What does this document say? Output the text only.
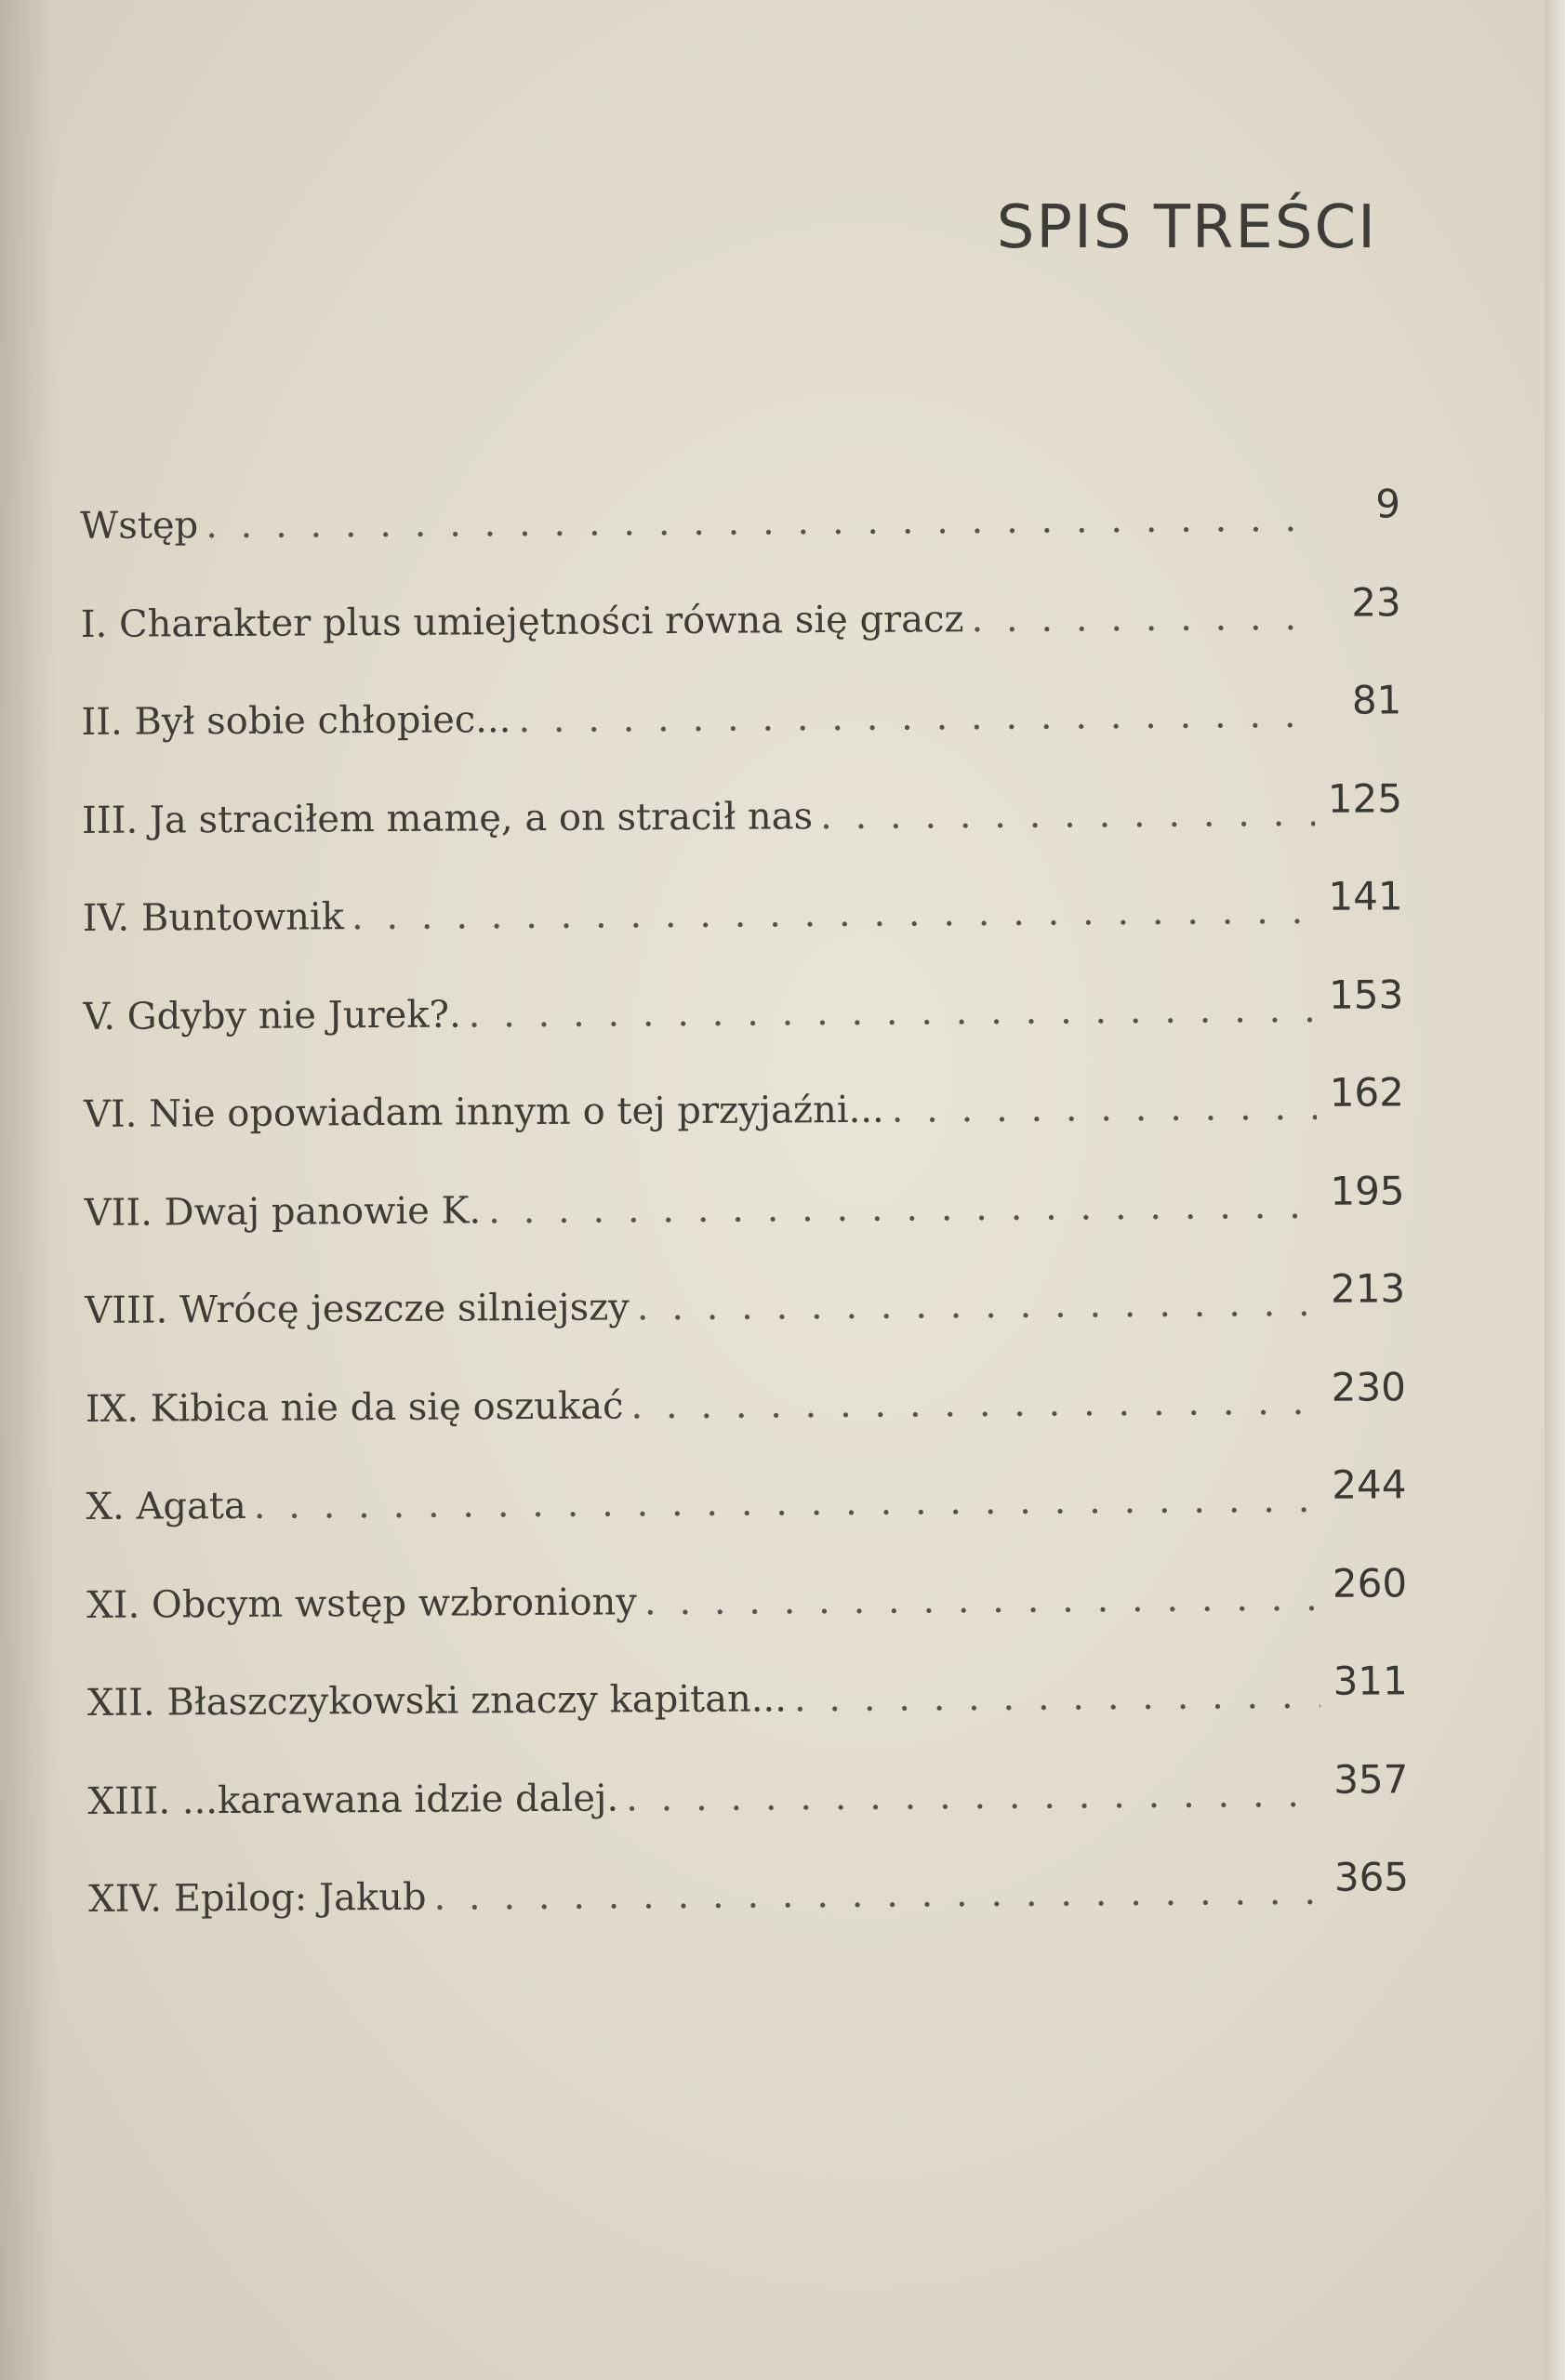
SPIS TREŚCI
Wstęp . . .	9
I. Charakter plus umiejętności równa się gracz . . .	23
II. Był sobie chłopiec... . . .	81
III. Ja straciłem mamę, a on stracił nas . . .	125
IV. Buntownik . . .	141
V. Gdyby nie Jurek?. . . .	153
VI. Nie opowiadam innym o tej przyjaźni... . . .	162
VII. Dwaj panowie K. . . .	195
VIII. Wrócę jeszcze silniejszy . . .	213
IX. Kibica nie da się oszukać . . .	230
X. Agata . . .	244
XI. Obcym wstęp wzbroniony . . .	260
XII. Błaszczykowski znaczy kapitan... . . .	311
XIII. ...karawana idzie dalej. . . .	357
XIV. Epilog: Jakub . . .	365
